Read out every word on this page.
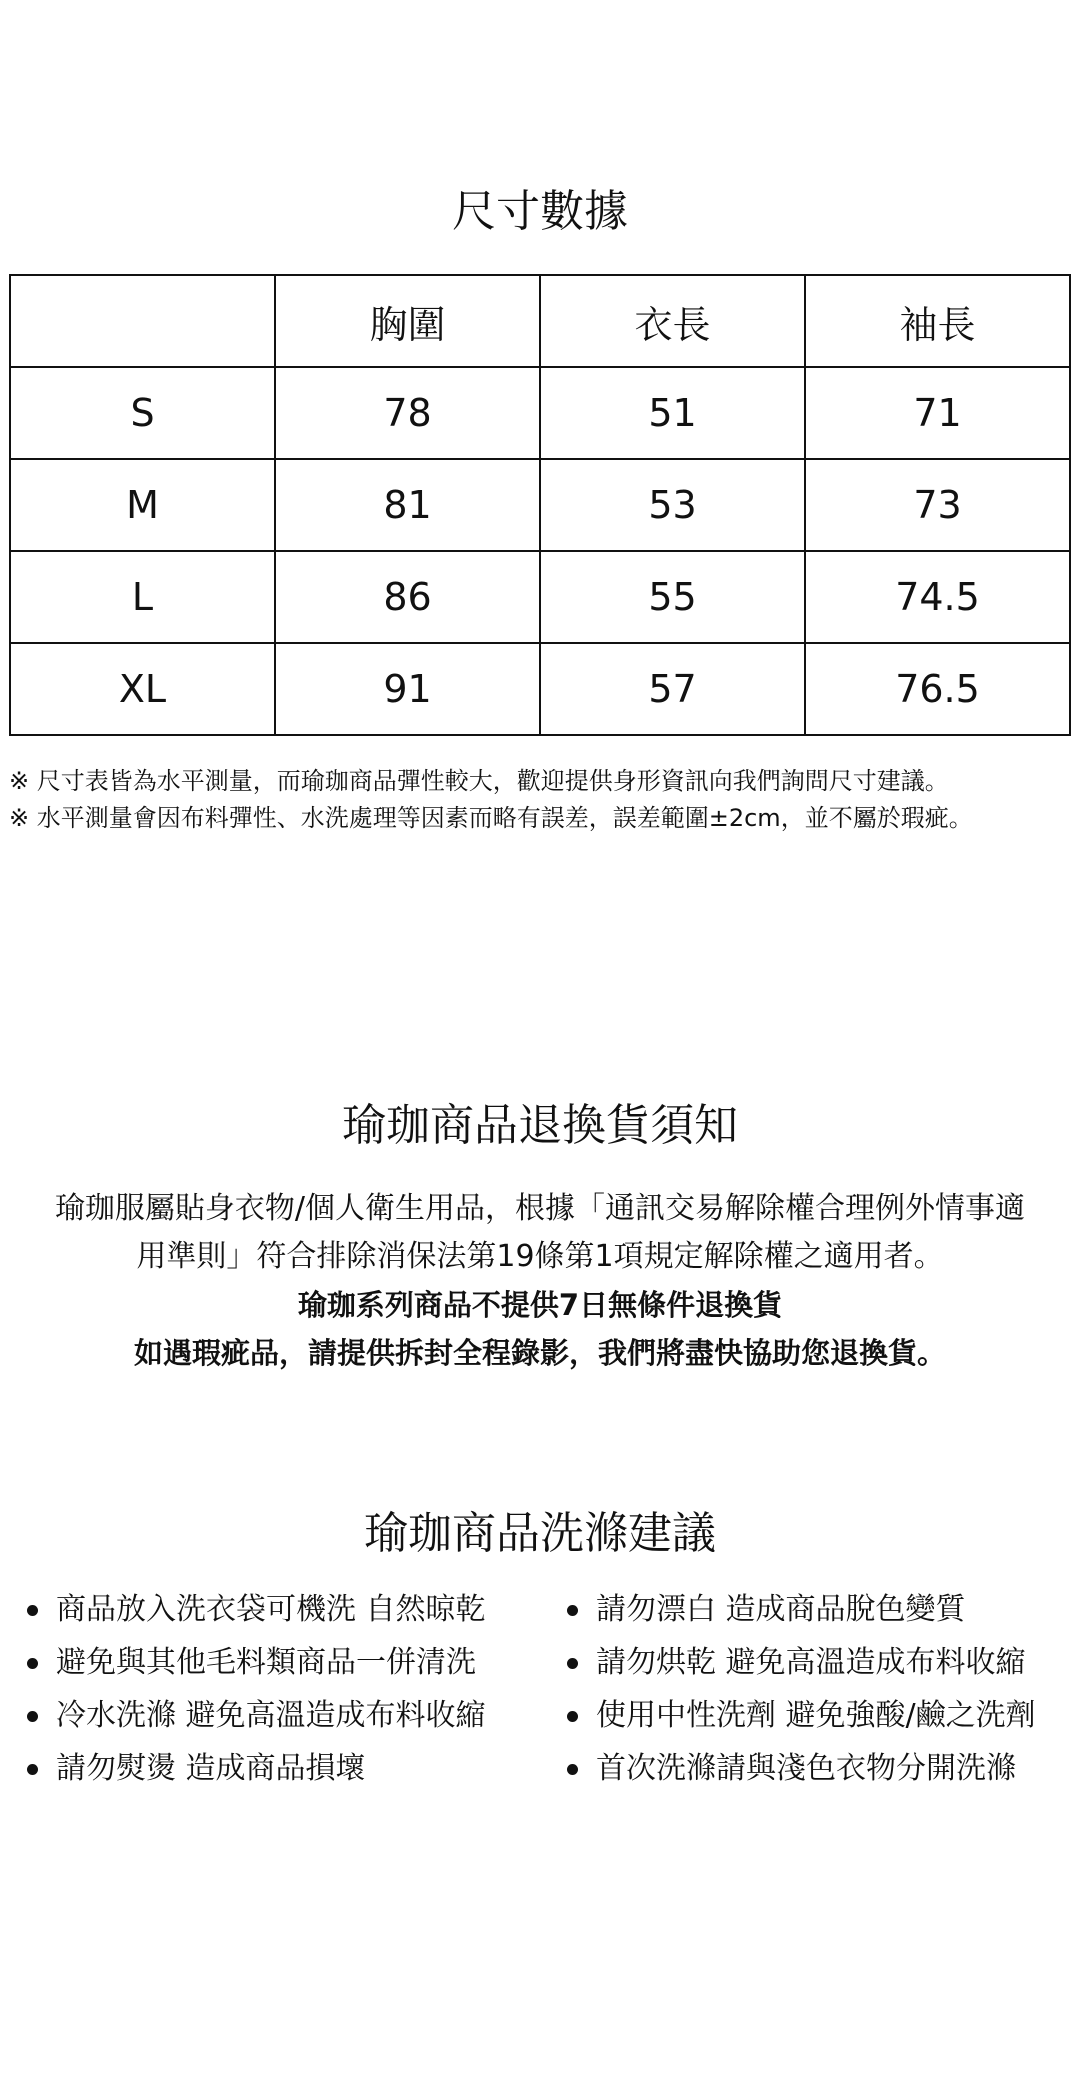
尺寸數據
	胸圍	衣長	袖長
S	78	51	71
M	81	53	73
L	86	55	74.5
XL	91	57	76.5
※ 尺寸表皆為水平測量，而瑜珈商品彈性較大，歡迎提供身形資訊向我們詢問尺寸建議。
※ 水平測量會因布料彈性、水洗處理等因素而略有誤差，誤差範圍±2cm，並不屬於瑕疵。
瑜珈商品退換貨須知
瑜珈服屬貼身衣物/個人衛生用品，根據「通訊交易解除權合理例外情事適
用準則」符合排除消保法第19條第1項規定解除權之適用者。
瑜珈系列商品不提供7日無條件退換貨
如遇瑕疵品，請提供拆封全程錄影，我們將盡快協助您退換貨。
瑜珈商品洗滌建議
商品放入洗衣袋可機洗 自然晾乾
避免與其他毛料類商品一併清洗
冷水洗滌 避免高溫造成布料收縮
請勿熨燙 造成商品損壞
請勿漂白 造成商品脫色變質
請勿烘乾 避免高溫造成布料收縮
使用中性洗劑 避免強酸/鹼之洗劑
首次洗滌請與淺色衣物分開洗滌
